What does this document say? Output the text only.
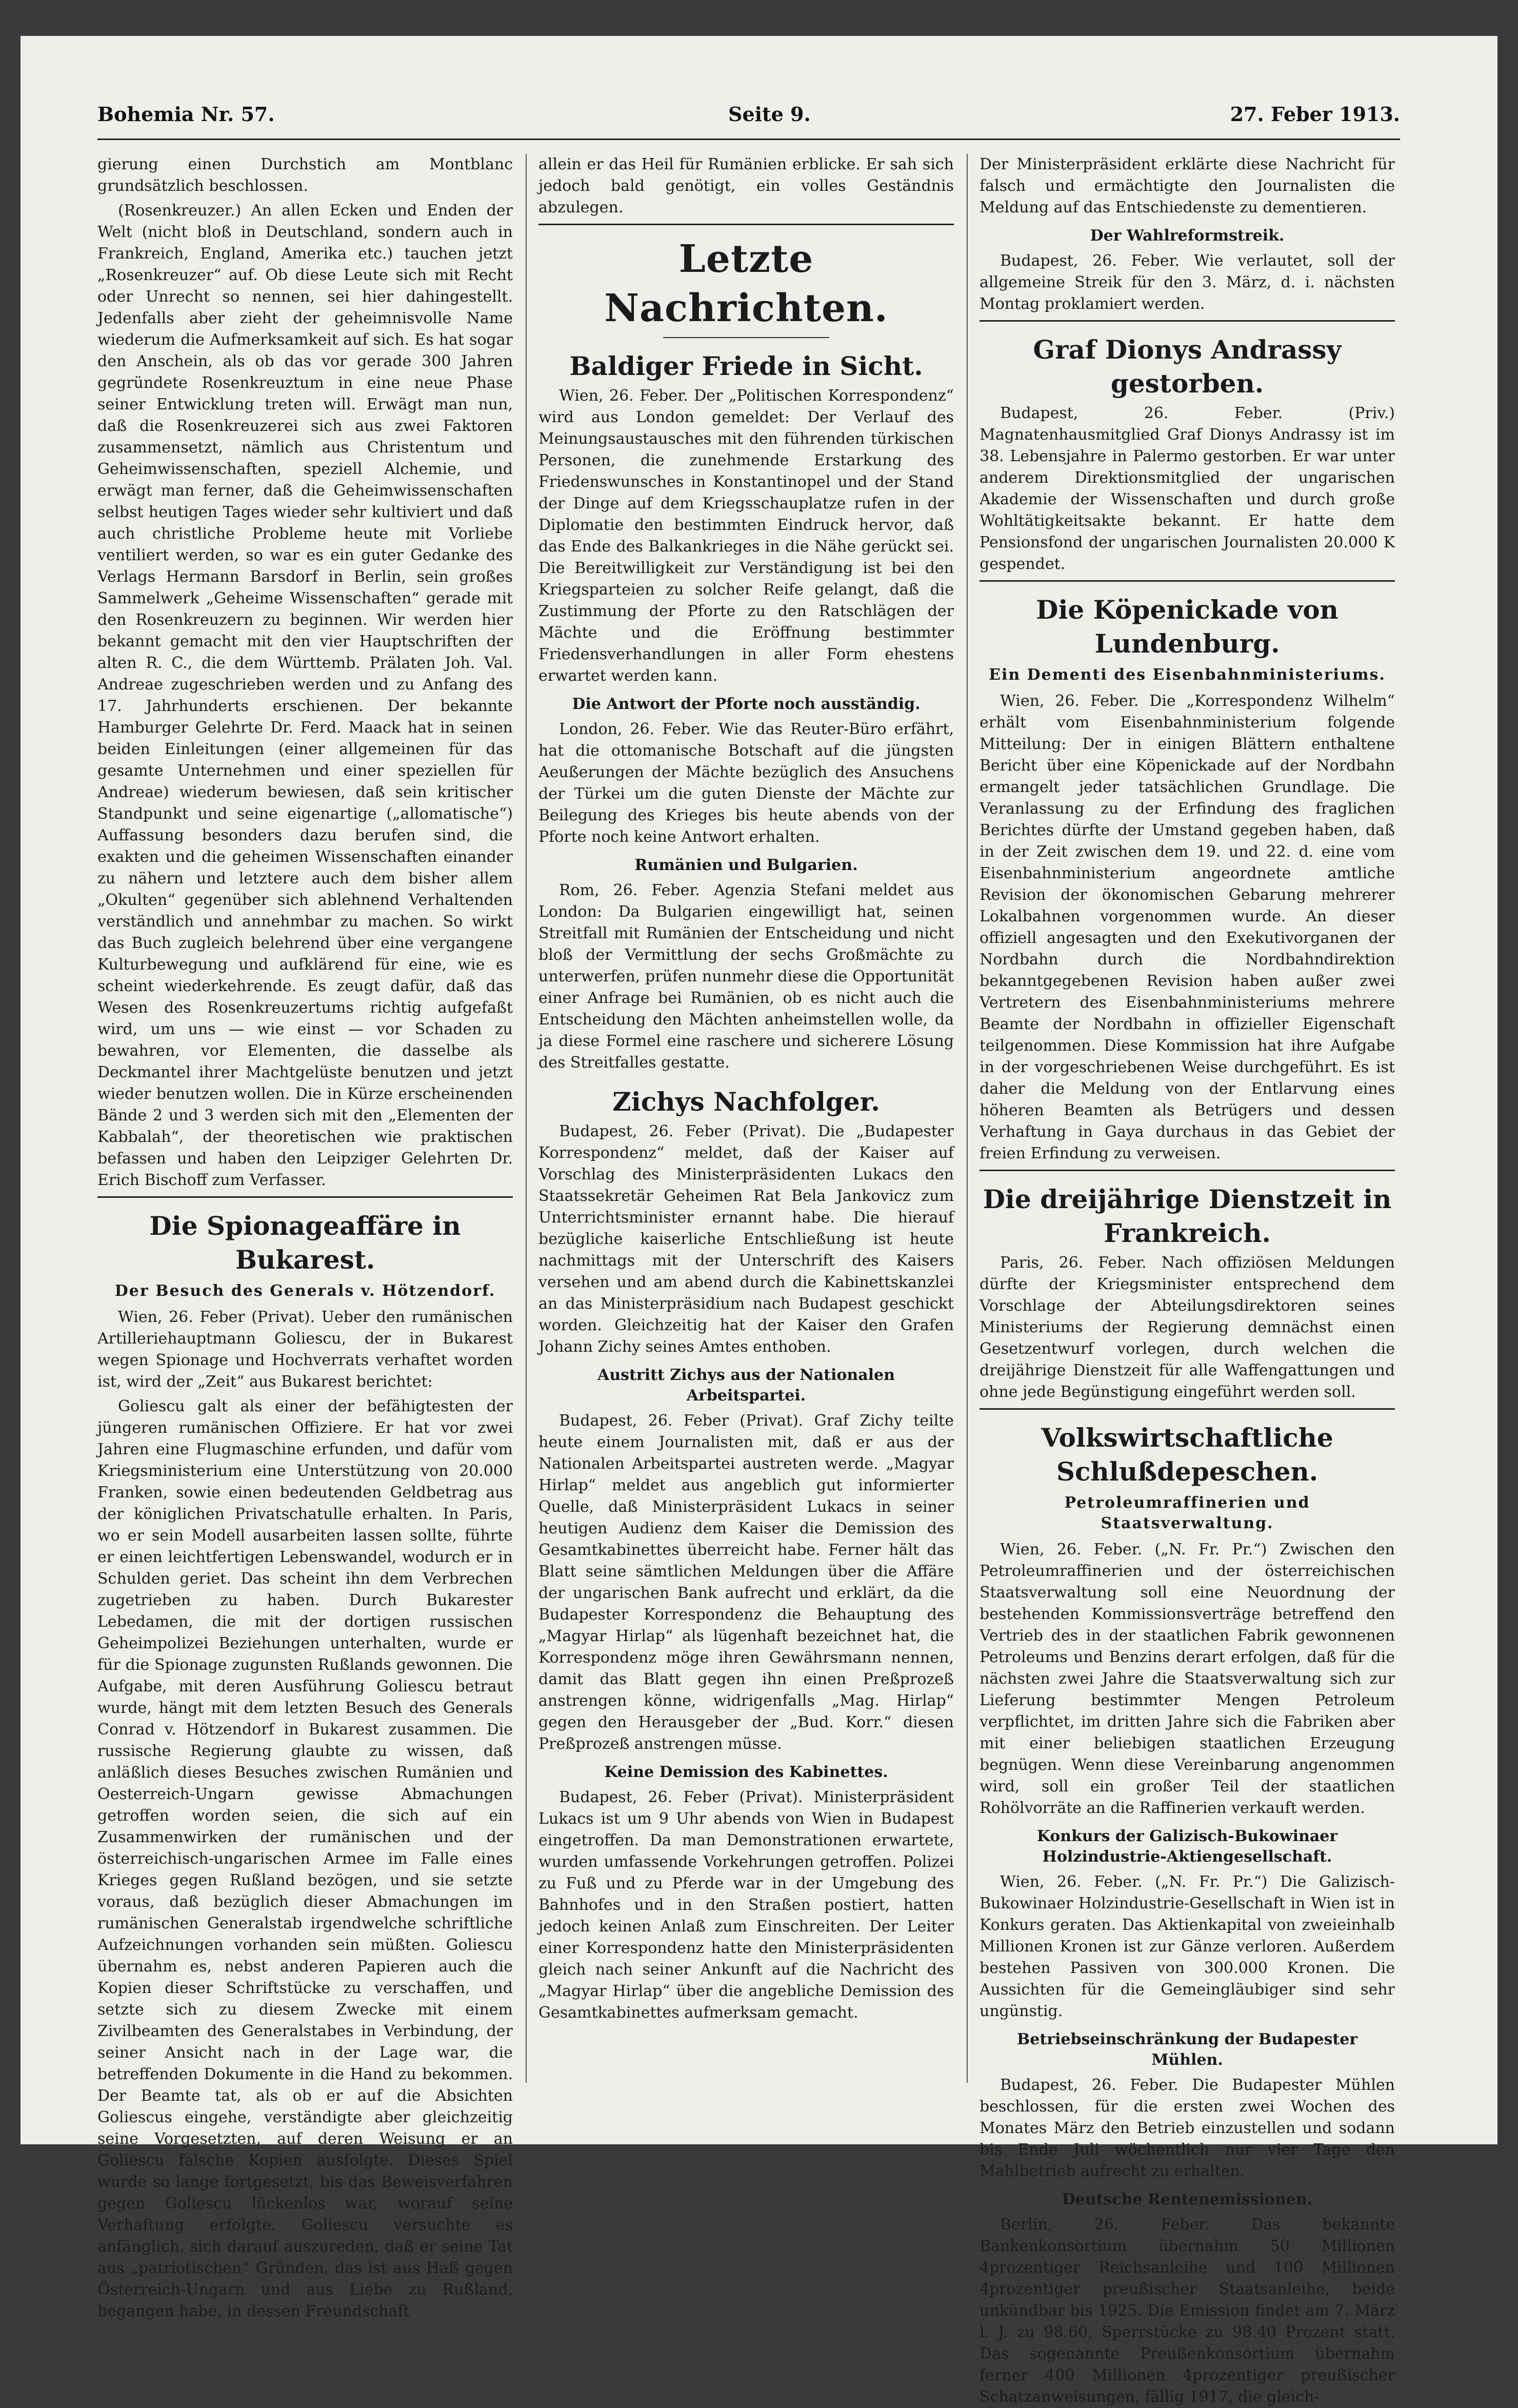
Bohemia Nr. 57.	Seite 9.	27. Feber 1913.

gierung einen Durchstich am Montblanc grundsätzlich beschlossen.

(Rosenkreuzer.) An allen Ecken und Enden der Welt (nicht bloß in Deutschland, sondern auch in Frankreich, England, Amerika etc.) tauchen jetzt „Rosenkreuzer“ auf. Ob diese Leute sich mit Recht oder Unrecht so nennen, sei hier dahingestellt. Jedenfalls aber zieht der geheimnisvolle Name wiederum die Aufmerksamkeit auf sich. Es hat sogar den Anschein, als ob das vor gerade 300 Jahren gegründete Rosenkreuztum in eine neue Phase seiner Entwicklung treten will. Erwägt man nun, daß die Rosenkreuzerei sich aus zwei Faktoren zusammensetzt, nämlich aus Christentum und Geheimwissenschaften, speziell Alchemie, und erwägt man ferner, daß die Geheimwissenschaften selbst heutigen Tages wieder sehr kultiviert und daß auch christliche Probleme heute mit Vorliebe ventiliert werden, so war es ein guter Gedanke des Verlags Hermann Barsdorf in Berlin, sein großes Sammelwerk „Geheime Wissenschaften“ gerade mit den Rosenkreuzern zu beginnen. Wir werden hier bekannt gemacht mit den vier Hauptschriften der alten R. C., die dem Württemb. Prälaten Joh. Val. Andreae zugeschrieben werden und zu Anfang des 17. Jahrhunderts erschienen. Der bekannte Hamburger Gelehrte Dr. Ferd. Maack hat in seinen beiden Einleitungen (einer allgemeinen für das gesamte Unternehmen und einer speziellen für Andreae) wiederum bewiesen, daß sein kritischer Standpunkt und seine eigenartige („allomatische“) Auffassung besonders dazu berufen sind, die exakten und die geheimen Wissenschaften einander zu nähern und letztere auch dem bisher allem „Okulten“ gegenüber sich ablehnend Verhaltenden verständlich und annehmbar zu machen. So wirkt das Buch zugleich belehrend über eine vergangene Kulturbewegung und aufklärend für eine, wie es scheint wiederkehrende. Es zeugt dafür, daß das Wesen des Rosenkreuzertums richtig aufgefaßt wird, um uns — wie einst — vor Schaden zu bewahren, vor Elementen, die dasselbe als Deckmantel ihrer Machtgelüste benutzen und jetzt wieder benutzen wollen. Die in Kürze erscheinenden Bände 2 und 3 werden sich mit den „Elementen der Kabbalah“, der theoretischen wie praktischen befassen und haben den Leipziger Gelehrten Dr. Erich Bischoff zum Verfasser.

Die Spionageaffäre in Bukarest.
Der Besuch des Generals v. Hötzendorf.

Wien, 26. Feber (Privat). Ueber den rumänischen Artilleriehauptmann Goliescu, der in Bukarest wegen Spionage und Hochverrats verhaftet worden ist, wird der „Zeit“ aus Bukarest berichtet:

Goliescu galt als einer der befähigtesten der jüngeren rumänischen Offiziere. Er hat vor zwei Jahren eine Flugmaschine erfunden, und dafür vom Kriegsministerium eine Unterstützung von 20.000 Franken, sowie einen bedeutenden Geldbetrag aus der königlichen Privatschatulle erhalten. In Paris, wo er sein Modell ausarbeiten lassen sollte, führte er einen leichtfertigen Lebenswandel, wodurch er in Schulden geriet. Das scheint ihn dem Verbrechen zugetrieben zu haben. Durch Bukarester Lebedamen, die mit der dortigen russischen Geheimpolizei Beziehungen unterhalten, wurde er für die Spionage zugunsten Rußlands gewonnen. Die Aufgabe, mit deren Ausführung Goliescu betraut wurde, hängt mit dem letzten Besuch des Generals Conrad v. Hötzendorf in Bukarest zusammen. Die russische Regierung glaubte zu wissen, daß anläßlich dieses Besuches zwischen Rumänien und Oesterreich-Ungarn gewisse Abmachungen getroffen worden seien, die sich auf ein Zusammenwirken der rumänischen und der österreichisch-ungarischen Armee im Falle eines Krieges gegen Rußland bezögen, und sie setzte voraus, daß bezüglich dieser Abmachungen im rumänischen Generalstab irgendwelche schriftliche Aufzeichnungen vorhanden sein müßten. Goliescu übernahm es, nebst anderen Papieren auch die Kopien dieser Schriftstücke zu verschaffen, und setzte sich zu diesem Zwecke mit einem Zivilbeamten des Generalstabes in Verbindung, der seiner Ansicht nach in der Lage war, die betreffenden Dokumente in die Hand zu bekommen. Der Beamte tat, als ob er auf die Absichten Goliescus eingehe, verständigte aber gleichzeitig seine Vorgesetzten, auf deren Weisung er an Goliescu falsche Kopien ausfolgte. Dieses Spiel wurde so lange fortgesetzt, bis das Beweisverfahren gegen Goliescu lückenlos war, worauf seine Verhaftung erfolgte. Goliescu versuchte es anfänglich, sich darauf auszureden, daß er seine Tat aus „patriotischen“ Gründen, das ist aus Haß gegen Österreich-Ungarn und aus Liebe zu Rußland, begangen habe, in dessen Freundschaft

allein er das Heil für Rumänien erblicke. Er sah sich jedoch bald genötigt, ein volles Geständnis abzulegen.

Letzte Nachrichten.
Baldiger Friede in Sicht.

Wien, 26. Feber. Der „Politischen Korrespondenz“ wird aus London gemeldet: Der Verlauf des Meinungsaustausches mit den führenden türkischen Personen, die zunehmende Erstarkung des Friedenswunsches in Konstantinopel und der Stand der Dinge auf dem Kriegsschauplatze rufen in der Diplomatie den bestimmten Eindruck hervor, daß das Ende des Balkankrieges in die Nähe gerückt sei. Die Bereitwilligkeit zur Verständigung ist bei den Kriegsparteien zu solcher Reife gelangt, daß die Zustimmung der Pforte zu den Ratschlägen der Mächte und die Eröffnung bestimmter Friedensverhandlungen in aller Form ehestens erwartet werden kann.

Die Antwort der Pforte noch ausständig.

London, 26. Feber. Wie das Reuter-Büro erfährt, hat die ottomanische Botschaft auf die jüngsten Aeußerungen der Mächte bezüglich des Ansuchens der Türkei um die guten Dienste der Mächte zur Beilegung des Krieges bis heute abends von der Pforte noch keine Antwort erhalten.

Rumänien und Bulgarien.

Rom, 26. Feber. Agenzia Stefani meldet aus London: Da Bulgarien eingewilligt hat, seinen Streitfall mit Rumänien der Entscheidung und nicht bloß der Vermittlung der sechs Großmächte zu unterwerfen, prüfen nunmehr diese die Opportunität einer Anfrage bei Rumänien, ob es nicht auch die Entscheidung den Mächten anheimstellen wolle, da ja diese Formel eine raschere und sicherere Lösung des Streitfalles gestatte.

Zichys Nachfolger.

Budapest, 26. Feber (Privat). Die „Budapester Korrespondenz“ meldet, daß der Kaiser auf Vorschlag des Ministerpräsidenten Lukacs den Staatssekretär Geheimen Rat Bela Jankovicz zum Unterrichtsminister ernannt habe. Die hierauf bezügliche kaiserliche Entschließung ist heute nachmittags mit der Unterschrift des Kaisers versehen und am abend durch die Kabinettskanzlei an das Ministerpräsidium nach Budapest geschickt worden. Gleichzeitig hat der Kaiser den Grafen Johann Zichy seines Amtes enthoben.

Austritt Zichys aus der Nationalen Arbeitspartei.

Budapest, 26. Feber (Privat). Graf Zichy teilte heute einem Journalisten mit, daß er aus der Nationalen Arbeitspartei austreten werde. „Magyar Hirlap“ meldet aus angeblich gut informierter Quelle, daß Ministerpräsident Lukacs in seiner heutigen Audienz dem Kaiser die Demission des Gesamtkabinettes überreicht habe. Ferner hält das Blatt seine sämtlichen Meldungen über die Affäre der ungarischen Bank aufrecht und erklärt, da die Budapester Korrespondenz die Behauptung des „Magyar Hirlap“ als lügenhaft bezeichnet hat, die Korrespondenz möge ihren Gewährsmann nennen, damit das Blatt gegen ihn einen Preßprozeß anstrengen könne, widrigenfalls „Mag. Hirlap“ gegen den Herausgeber der „Bud. Korr.“ diesen Preßprozeß anstrengen müsse.

Keine Demission des Kabinettes.

Budapest, 26. Feber (Privat). Ministerpräsident Lukacs ist um 9 Uhr abends von Wien in Budapest eingetroffen. Da man Demonstrationen erwartete, wurden umfassende Vorkehrungen getroffen. Polizei zu Fuß und zu Pferde war in der Umgebung des Bahnhofes und in den Straßen postiert, hatten jedoch keinen Anlaß zum Einschreiten. Der Leiter einer Korrespondenz hatte den Ministerpräsidenten gleich nach seiner Ankunft auf die Nachricht des „Magyar Hirlap“ über die angebliche Demission des Gesamtkabinettes aufmerksam gemacht.

Der Ministerpräsident erklärte diese Nachricht für falsch und ermächtigte den Journalisten die Meldung auf das Entschiedenste zu dementieren.

Der Wahlreformstreik.

Budapest, 26. Feber. Wie verlautet, soll der allgemeine Streik für den 3. März, d. i. nächsten Montag proklamiert werden.

Graf Dionys Andrassy gestorben.

Budapest, 26. Feber. (Priv.) Magnatenhausmitglied Graf Dionys Andrassy ist im 38. Lebensjahre in Palermo gestorben. Er war unter anderem Direktionsmitglied der ungarischen Akademie der Wissenschaften und durch große Wohltätigkeitsakte bekannt. Er hatte dem Pensionsfond der ungarischen Journalisten 20.000 K gespendet.

Die Köpenickade von Lundenburg.
Ein Dementi des Eisenbahnministeriums.

Wien, 26. Feber. Die „Korrespondenz Wilhelm“ erhält vom Eisenbahnministerium folgende Mitteilung: Der in einigen Blättern enthaltene Bericht über eine Köpenickade auf der Nordbahn ermangelt jeder tatsächlichen Grundlage. Die Veranlassung zu der Erfindung des fraglichen Berichtes dürfte der Umstand gegeben haben, daß in der Zeit zwischen dem 19. und 22. d. eine vom Eisenbahnministerium angeordnete amtliche Revision der ökonomischen Gebarung mehrerer Lokalbahnen vorgenommen wurde. An dieser offiziell angesagten und den Exekutivorganen der Nordbahn durch die Nordbahndirektion bekanntgegebenen Revision haben außer zwei Vertretern des Eisenbahnministeriums mehrere Beamte der Nordbahn in offizieller Eigenschaft teilgenommen. Diese Kommission hat ihre Aufgabe in der vorgeschriebenen Weise durchgeführt. Es ist daher die Meldung von der Entlarvung eines höheren Beamten als Betrügers und dessen Verhaftung in Gaya durchaus in das Gebiet der freien Erfindung zu verweisen.

Die dreijährige Dienstzeit in Frankreich.

Paris, 26. Feber. Nach offiziösen Meldungen dürfte der Kriegsminister entsprechend dem Vorschlage der Abteilungsdirektoren seines Ministeriums der Regierung demnächst einen Gesetzentwurf vorlegen, durch welchen die dreijährige Dienstzeit für alle Waffengattungen und ohne jede Begünstigung eingeführt werden soll.

Volkswirtschaftliche Schlußdepeschen.
Petroleumraffinerien und Staatsverwaltung.

Wien, 26. Feber. („N. Fr. Pr.“) Zwischen den Petroleumraffinerien und der österreichischen Staatsverwaltung soll eine Neuordnung der bestehenden Kommissionsverträge betreffend den Vertrieb des in der staatlichen Fabrik gewonnenen Petroleums und Benzins derart erfolgen, daß für die nächsten zwei Jahre die Staatsverwaltung sich zur Lieferung bestimmter Mengen Petroleum verpflichtet, im dritten Jahre sich die Fabriken aber mit einer beliebigen staatlichen Erzeugung begnügen. Wenn diese Vereinbarung angenommen wird, soll ein großer Teil der staatlichen Rohölvorräte an die Raffinerien verkauft werden.

Konkurs der Galizisch-Bukowinaer Holzindustrie-Aktiengesellschaft.

Wien, 26. Feber. („N. Fr. Pr.“) Die Galizisch-Bukowinaer Holzindustrie-Gesellschaft in Wien ist in Konkurs geraten. Das Aktienkapital von zweieinhalb Millionen Kronen ist zur Gänze verloren. Außerdem bestehen Passiven von 300.000 Kronen. Die Aussichten für die Gemeingläubiger sind sehr ungünstig.

Betriebseinschränkung der Budapester Mühlen.

Budapest, 26. Feber. Die Budapester Mühlen beschlossen, für die ersten zwei Wochen des Monates März den Betrieb einzustellen und sodann bis Ende Juli wöchentlich nur vier Tage den Mahlbetrieb aufrecht zu erhalten.

Deutsche Rentenemissionen.

Berlin, 26. Feber. Das bekannte Bankenkonsortium übernahm 50 Millionen 4prozentiger Reichsanleihe und 100 Millionen 4prozentiger preußischer Staatsanleihe, beide unkündbar bis 1925. Die Emission findet am 7. März l. J. zu 98.60, Sperrstücke zu 98.40 Prozent statt. Das sogenannte Preußenkonsortium übernahm ferner 400 Millionen 4prozentiger preußischer Schatzanweisungen, fällig 1917, die gleich-
